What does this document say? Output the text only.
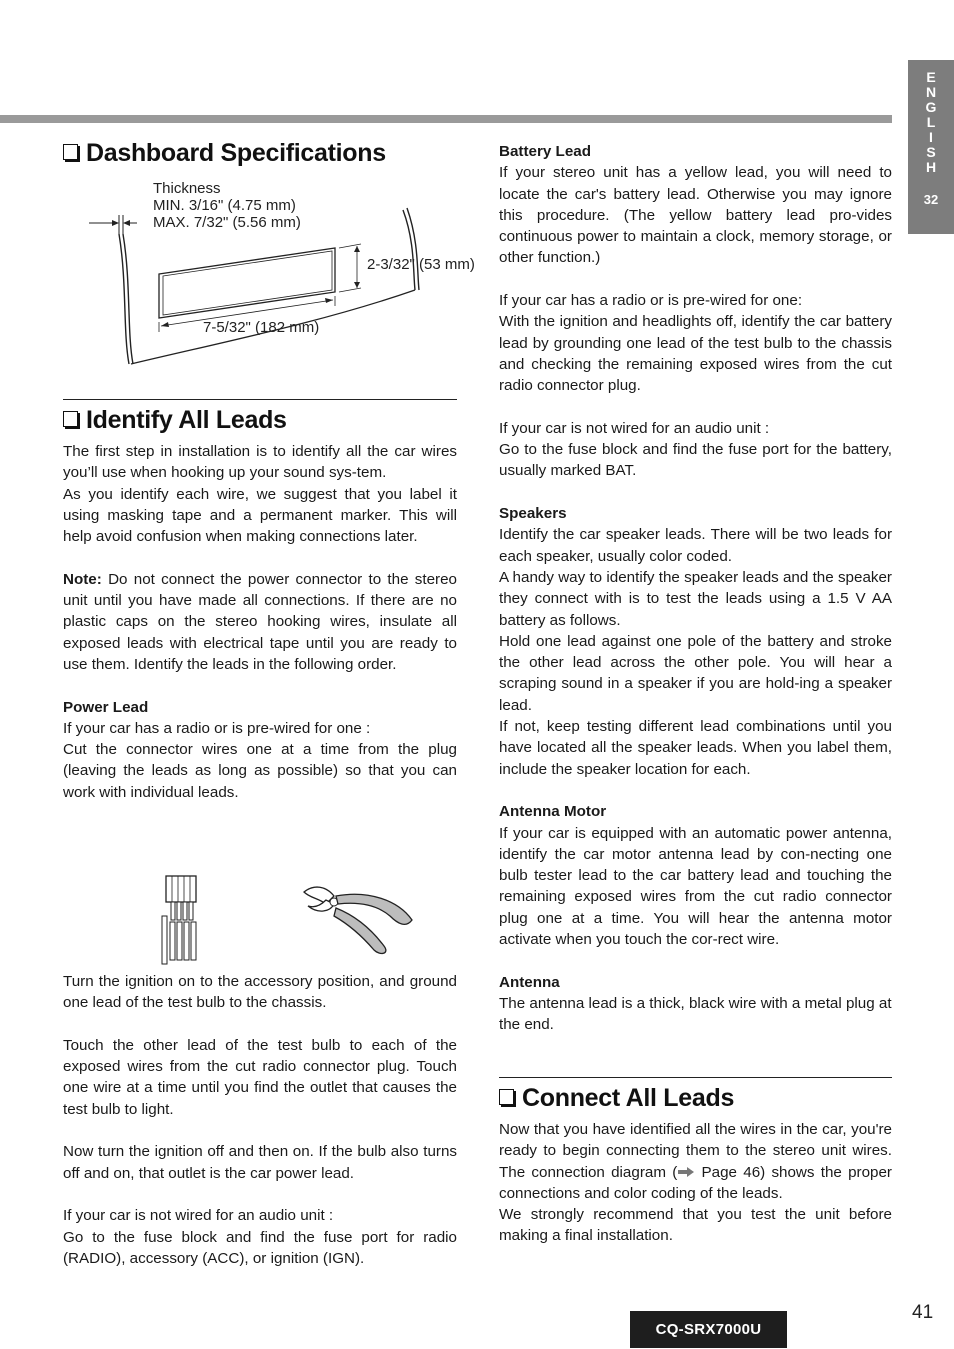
E
N
G
L
I
S
H
32
Dashboard Specifications
Thickness
MIN. 3/16" (4.75 mm)
MAX. 7/32" (5.56 mm)
2-3/32" (53 mm)
7-5/32" (182 mm)
Identify All Leads

The first step in installation is to identify all the car wires you’ll use when hooking up your sound sys-tem.

As you identify each wire, we suggest that you label it using masking tape and a permanent marker. This will help avoid confusion when making connections later.

Note: Do not connect the power connector to the stereo unit until you have made all connections. If there are no plastic caps on the stereo hooking wires, insulate all exposed leads with electrical tape until you are ready to use them. Identify the leads in the following order.

Power Lead

If your car has a radio or is pre-wired for one :

Cut the connector wires one at a time from the plug (leaving the leads as long as possible) so that you can work with individual leads.

Turn the ignition on to the accessory position, and ground one lead of the test bulb to the chassis.

Touch the other lead of the test bulb to each of the exposed wires from the cut radio connector plug. Touch one wire at a time until you find the outlet that causes the test bulb to light.

Now turn the ignition off and then on. If the bulb also turns off and on, that outlet is the car power lead.

If your car is not wired for an audio unit :

Go to the fuse block and find the fuse port for radio (RADIO), accessory (ACC), or ignition (IGN).

Battery Lead

If your stereo unit has a yellow lead, you will need to locate the car's battery lead. Otherwise you may ignore this procedure. (The yellow battery lead pro-vides continuous power to maintain a clock, memory storage, or other function.)

If your car has a radio or is pre-wired for one:

With the ignition and headlights off, identify the car battery lead by grounding one lead of the test bulb to the chassis and checking the remaining exposed wires from the cut radio connector plug.

If your car is not wired for an audio unit :

Go to the fuse block and find the fuse port for the battery, usually marked BAT.

Speakers

Identify the car speaker leads. There will be two leads for each speaker, usually color coded.

A handy way to identify the speaker leads and the speaker they connect with is to test the leads using a 1.5 V AA battery as follows.

Hold one lead against one pole of the battery and stroke the other lead across the other pole. You will hear a scraping sound in a speaker if you are hold-ing a speaker lead.

If not, keep testing different lead combinations until you have located all the speaker leads. When you label them, include the speaker location for each.

Antenna Motor

If your car is equipped with an automatic power antenna, identify the car motor antenna lead by con-necting one bulb tester lead to the car battery lead and touching the remaining exposed wires from the cut radio connector plug one at a time. You will hear the antenna motor activate when you touch the cor-rect wire.

Antenna

The antenna lead is a thick, black wire with a metal plug at the end.

Connect All Leads

Now that you have identified all the wires in the car, you're ready to begin connecting them to the stereo unit wires. The connection diagram ( Page 46) shows the proper connections and color coding of the leads.

We strongly recommend that you test the unit before making a final installation.

41
CQ-SRX7000U
